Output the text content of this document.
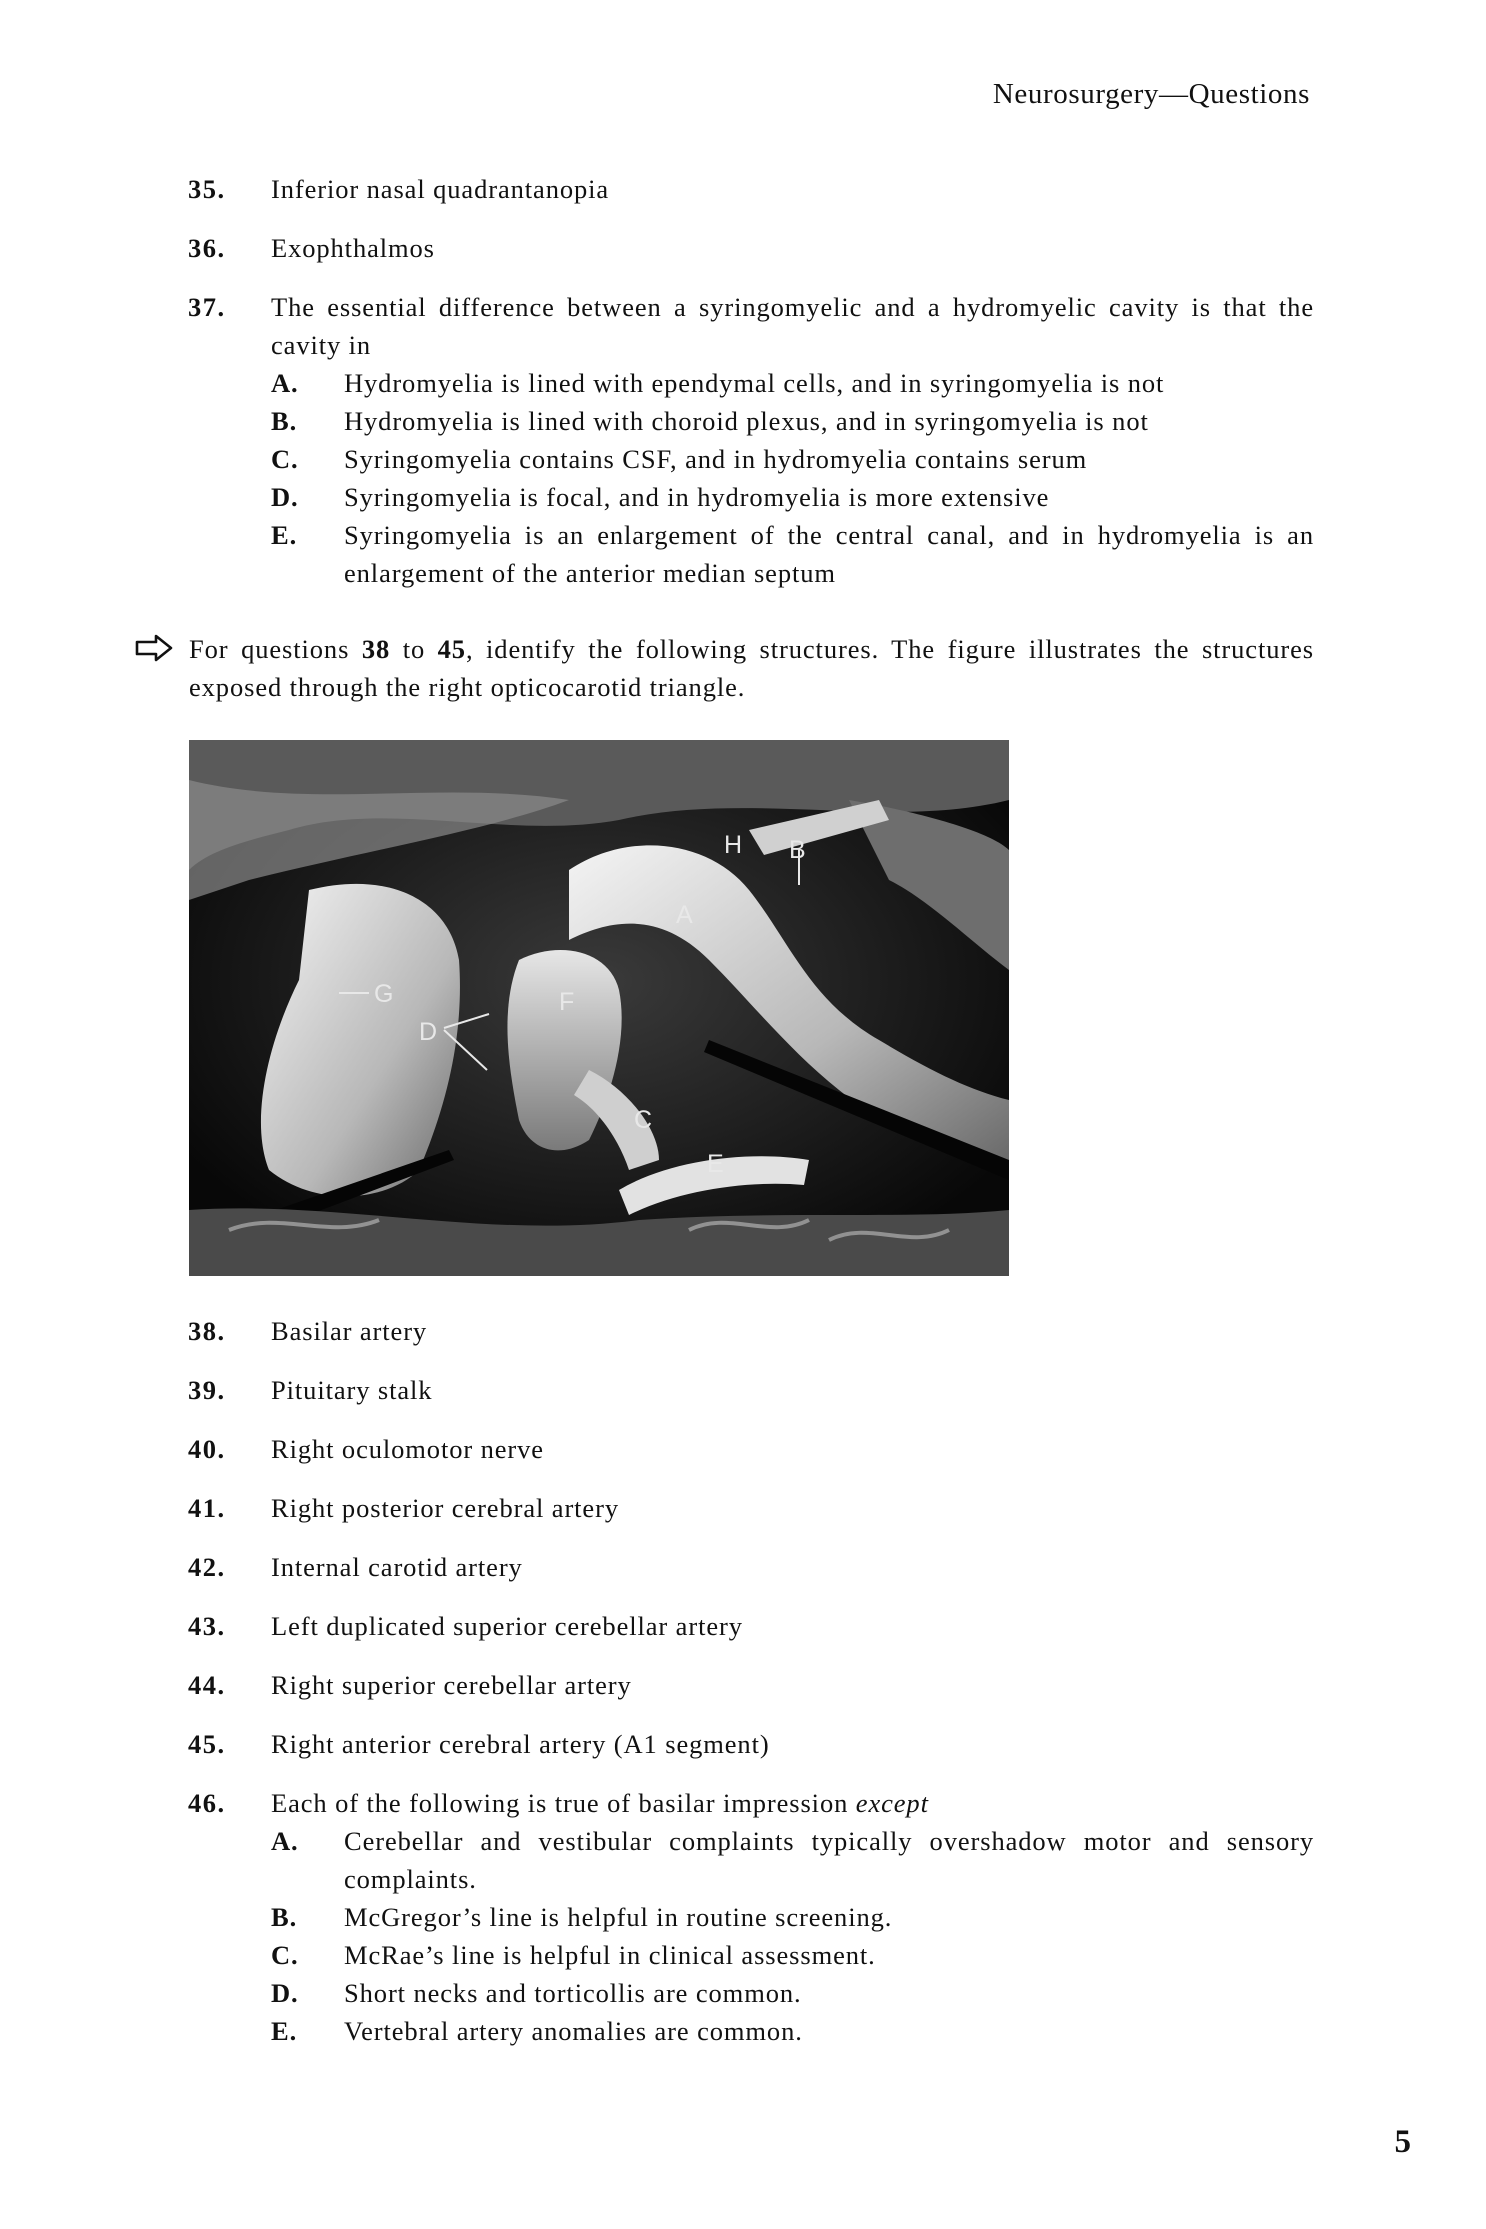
Neurosurgery—Questions
35. Inferior nasal quadrantanopia
36. Exophthalmos
37. The essential difference between a syringomyelic and a hydromyelic cavity is that the cavity in
A. Hydromyelia is lined with ependymal cells, and in syringomyelia is not
B. Hydromyelia is lined with choroid plexus, and in syringomyelia is not
C. Syringomyelia contains CSF, and in hydromyelia contains serum
D. Syringomyelia is focal, and in hydromyelia is more extensive
E. Syringomyelia is an enlargement of the central canal, and in hydromyelia is an enlargement of the anterior median septum
For questions 38 to 45, identify the following structures. The figure illustrates the structures exposed through the right opticocarotid triangle.
H B
A
G
D
F
C
E
38. Basilar artery
39. Pituitary stalk
40. Right oculomotor nerve
41. Right posterior cerebral artery
42. Internal carotid artery
43. Left duplicated superior cerebellar artery
44. Right superior cerebellar artery
45. Right anterior cerebral artery (A1 segment)
46. Each of the following is true of basilar impression except
A. Cerebellar and vestibular complaints typically overshadow motor and sensory complaints.
B. McGregor’s line is helpful in routine screening.
C. McRae’s line is helpful in clinical assessment.
D. Short necks and torticollis are common.
E. Vertebral artery anomalies are common.
5
